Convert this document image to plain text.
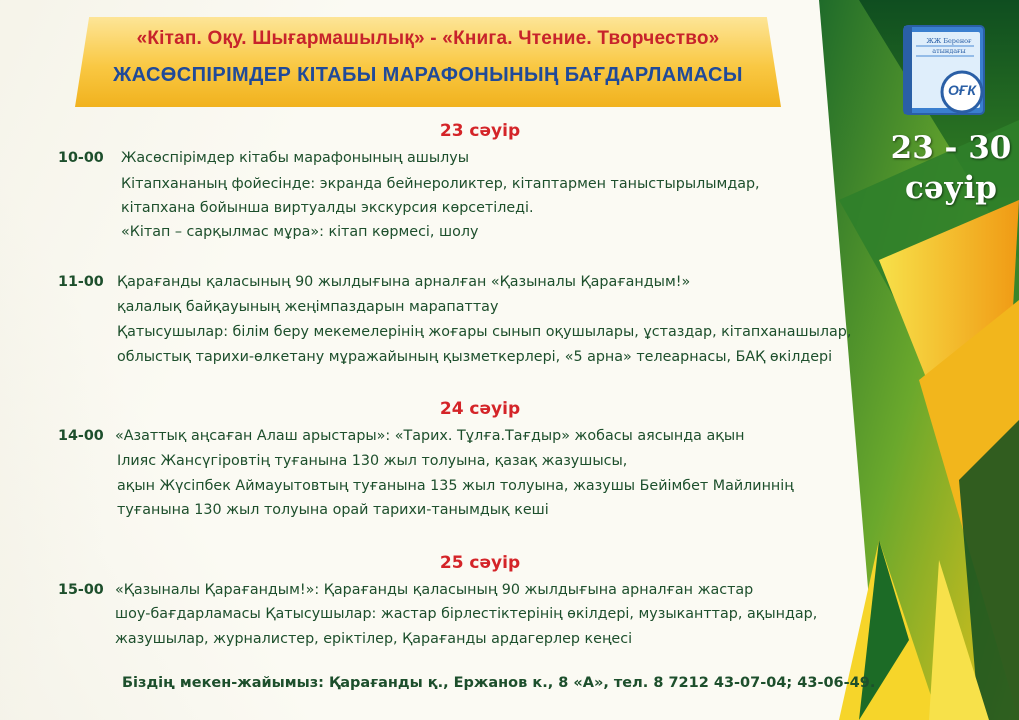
«Кітап. Оқу. Шығармашылық» - «Книга. Чтение. Творчество»
ЖАСӨСПІРІМДЕР КІТАБЫ МАРАФОНЫНЫҢ БАҒДАРЛАМАСЫ
ЖЖ Береноғ атындағы
ОҒК
23 - 30
сәуір
23 сәуір
10-00 Жасөспірімдер кітабы марафонының ашылуы
Кітапхананың фойесінде: экранда бейнероликтер, кітаптармен таныстырылымдар,
кітапхана бойынша виртуалды экскурсия көрсетіледі.
«Кітап – сарқылмас мұра»: кітап көрмесі, шолу
11-00 Қарағанды қаласының 90 жылдығына арналған «Қазыналы Қарағандым!»
қалалық байқауының жеңімпаздарын марапаттау
Қатысушылар: білім беру мекемелерінің жоғары сынып оқушылары, ұстаздар, кітапханашылар,
облыстық тарихи-өлкетану мұражайының қызметкерлері, «5 арна» телеарнасы, БАҚ өкілдері
24 сәуір
14-00 «Азаттық аңсаған Алаш арыстары»: «Тарих. Тұлға.Тағдыр» жобасы аясында ақын
Ілияс Жансүгіровтің туғанына 130 жыл толуына, қазақ жазушысы,
ақын Жүсіпбек Аймауытовтың туғанына 135 жыл толуына, жазушы Бейімбет Майлиннің
туғанына 130 жыл толуына орай тарихи-танымдық кеші
25 сәуір
15-00 «Қазыналы Қарағандым!»: Қарағанды қаласының 90 жылдығына арналған жастар
шоу-бағдарламасы Қатысушылар: жастар бірлестіктерінің өкілдері, музыканттар, ақындар,
жазушылар, журналистер, еріктілер, Қарағанды ардагерлер кеңесі
Біздің мекен-жайымыз: Қарағанды қ., Ержанов к., 8 «А», тел. 8 7212 43-07-04; 43-06-49.
